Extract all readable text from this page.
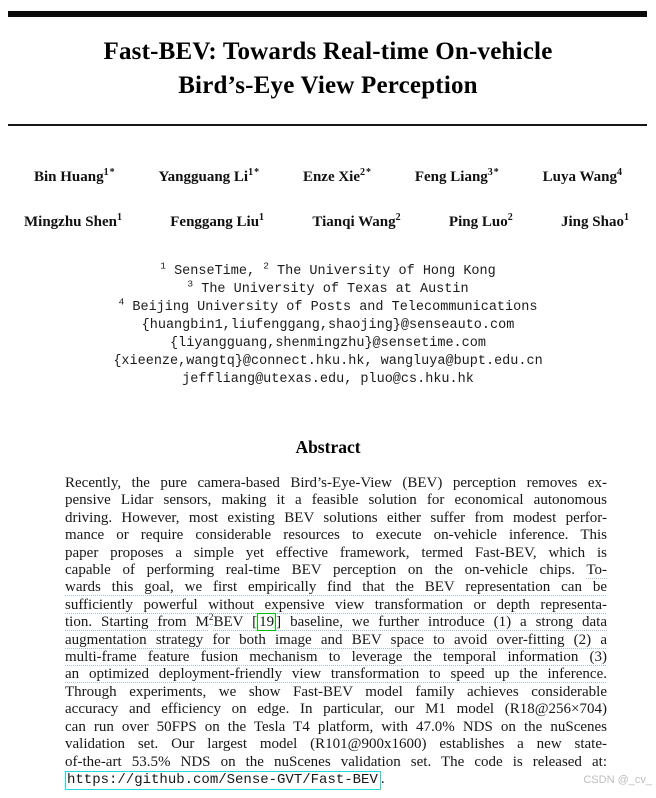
Fast-BEV: Towards Real-time On-vehicle
Bird’s-Eye View Perception
Bin Huang$^{1*}$	Yangguang $Li^{1*}$	Enze Xie$^{2*}$	Feng Liang$^{3*}$	Luya Wang$^4$
Mingzhu Shen$^1$	Fenggang Liu$^1$	Tianqi Wang$^2$	Ping Luo$^2$	Jing Shao$^1$
$^1$ SenseTime, $^2$ The University of Hong Kong
$^3$ The University of Texas at Austin
$^4$ Beijing University of Posts and Telecommunications
{huangbin1,liufenggang,shaojing}@senseauto.com
{liyangguang,shenmingzhu}@sensetime.com
{xieenze,wangtq}@connect.hku.hk, wangluya@bupt.edu.cn
jeffliang@utexas.edu, pluo@cs.hku.hk
Abstract
Recently, the pure camera-based Bird’s-Eye-View (BEV) perception removes ex-
pensive Lidar sensors, making it a feasible solution for economical autonomous
driving. However, most existing BEV solutions either suffer from modest perfor-
mance or require considerable resources to execute on-vehicle inference. This
paper proposes a simple yet effective framework, termed Fast-BEV, which is
capable of performing real-time BEV perception on the on-vehicle chips. To-
wards this goal, we first empirically find that the BEV representation can be
sufficiently powerful without expensive view transformation or depth representa-
tion. Starting from $M^2BEV$ [ 19 ] baseline, we further introduce (1) a strong data
augmentation strategy for both image and BEV space to avoid over-fitting (2) a
multi-frame feature fusion mechanism to leverage the temporal information (3)
an optimized deployment-friendly view transformation to speed up the inference.
Through experiments, we show Fast-BEV model family achieves considerable
accuracy and efficiency on edge. In particular, our M1 model (R18@256×704)
can run over 50FPS on the Tesla T4 platform, with 47.0% NDS on the nuScenes
validation set. Our largest model (R101@900x1600) establishes a new state-
of-the-art 53.5% NDS on the nuScenes validation set. The code is released at:
https://github.com/Sense-GVT/Fast-BEV .	CSDN @_cv_
